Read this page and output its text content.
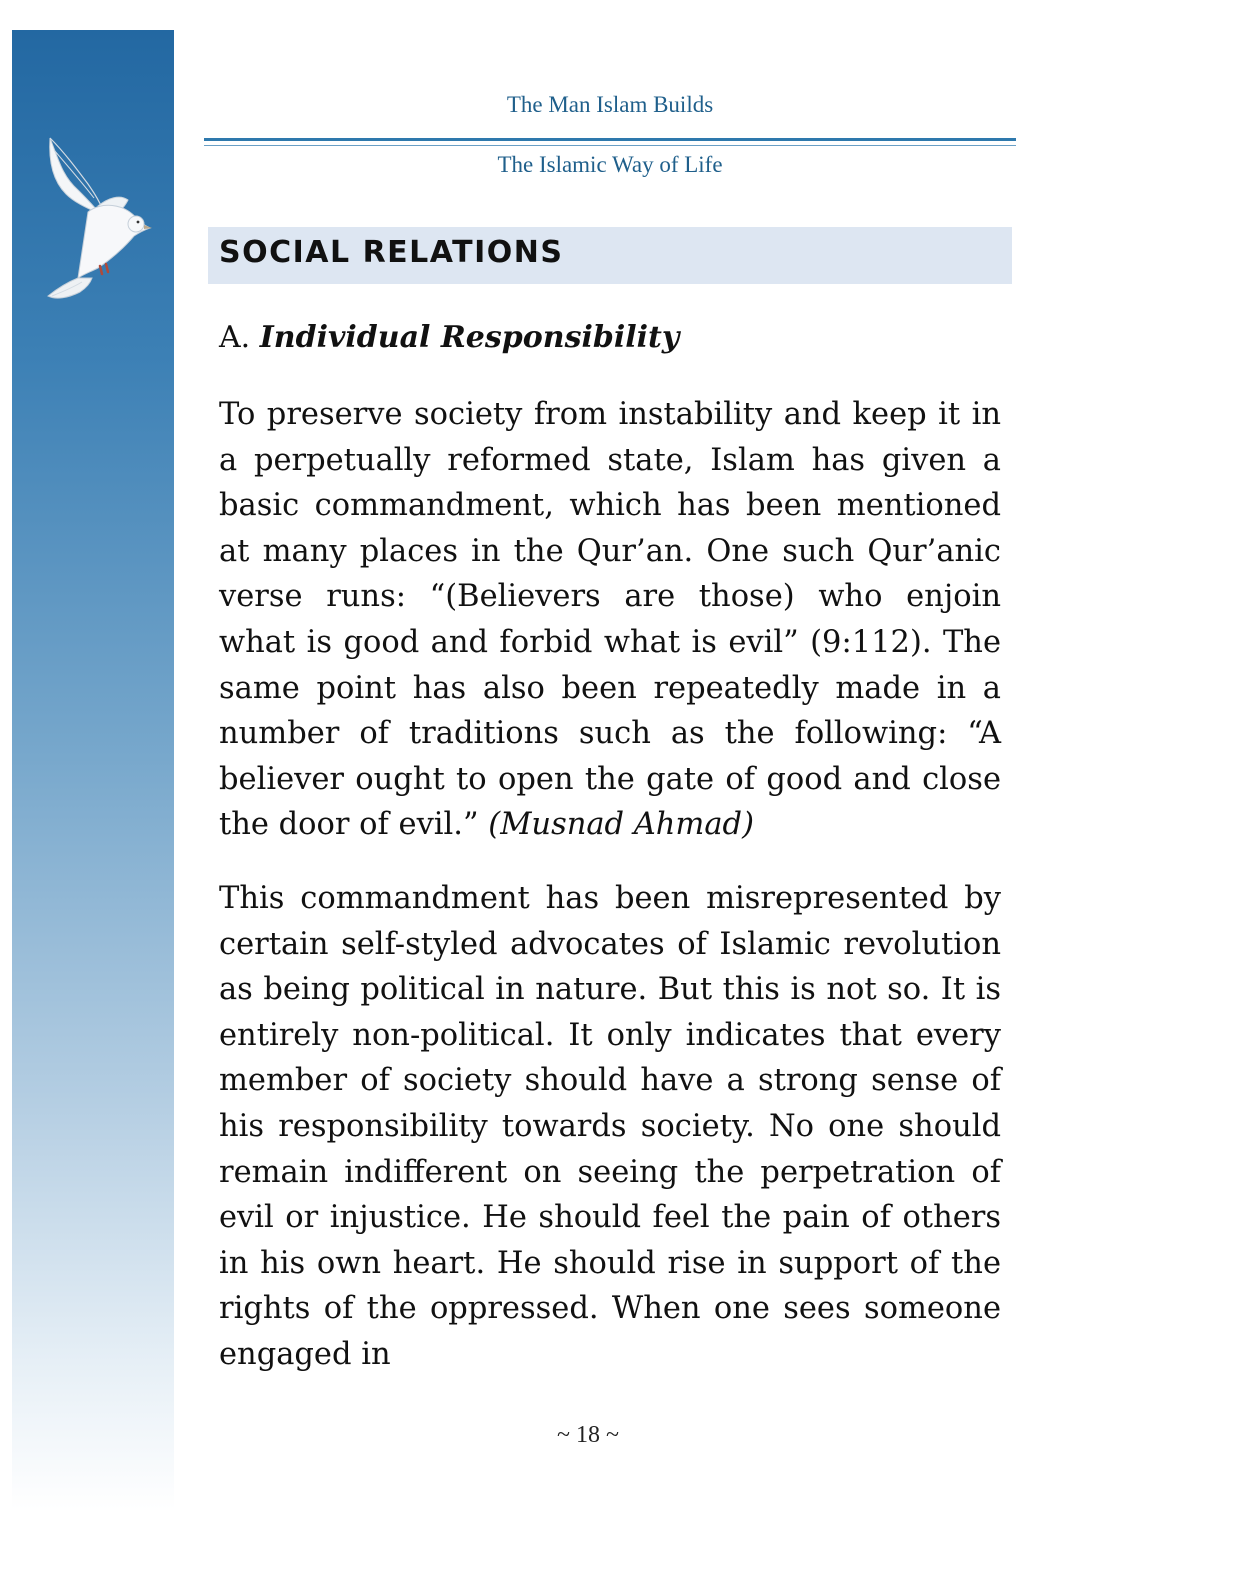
The Man Islam Builds
The Islamic Way of Life
SOCIAL RELATIONS
A. Individual Responsibility

To preserve society from instability and keep it in a perpetually reformed state, Islam has given a basic commandment, which has been mentioned at many places in the Qur’an. One such Qur’anic verse runs: “(Believers are those) who enjoin what is good and forbid what is evil” (9:112). The same point has also been repeatedly made in a number of traditions such as the following: “A believer ought to open the gate of good and close the door of evil.” (Musnad Ahmad)

This commandment has been misrepresented by certain self-styled advocates of Islamic revolution as being political in nature. But this is not so. It is entirely non-political. It only indicates that every member of society should have a strong sense of his responsibility towards society. No one should remain indifferent on seeing the perpetration of evil or injustice. He should feel the pain of others in his own heart. He should rise in support of the rights of the oppressed. When one sees someone engaged in

~ 18 ~
